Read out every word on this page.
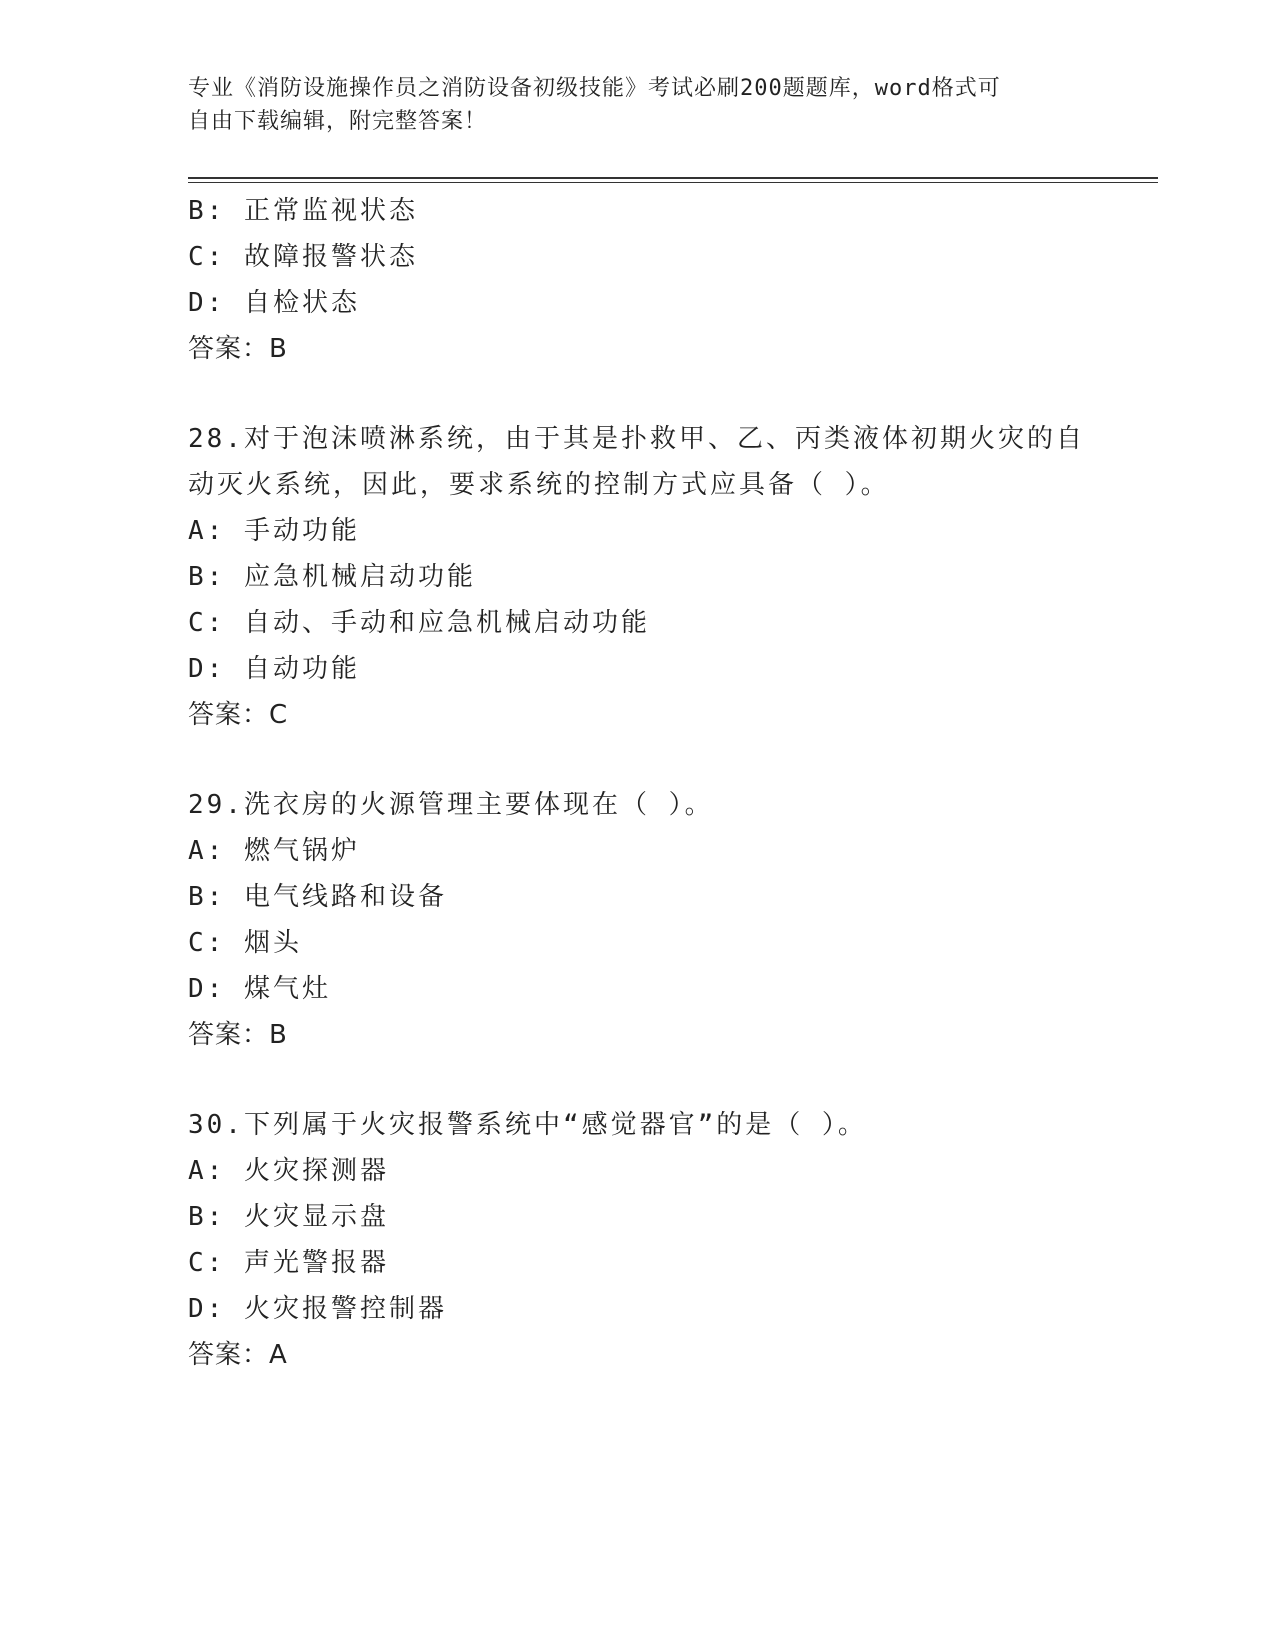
专业《消防设施操作员之消防设备初级技能》考试必刷200题题库，word格式可
自由下载编辑，附完整答案！
B: 正常监视状态
C: 故障报警状态
D: 自检状态
答案：B
28.对于泡沫喷淋系统，由于其是扑救甲、乙、丙类液体初期火灾的自
动灭火系统，因此，要求系统的控制方式应具备（ ）。
A: 手动功能
B: 应急机械启动功能
C: 自动、手动和应急机械启动功能
D: 自动功能
答案：C
29.洗衣房的火源管理主要体现在（ ）。
A: 燃气锅炉
B: 电气线路和设备
C: 烟头
D: 煤气灶
答案：B
30.下列属于火灾报警系统中“感觉器官”的是（ ）。
A: 火灾探测器
B: 火灾显示盘
C: 声光警报器
D: 火灾报警控制器
答案：A
